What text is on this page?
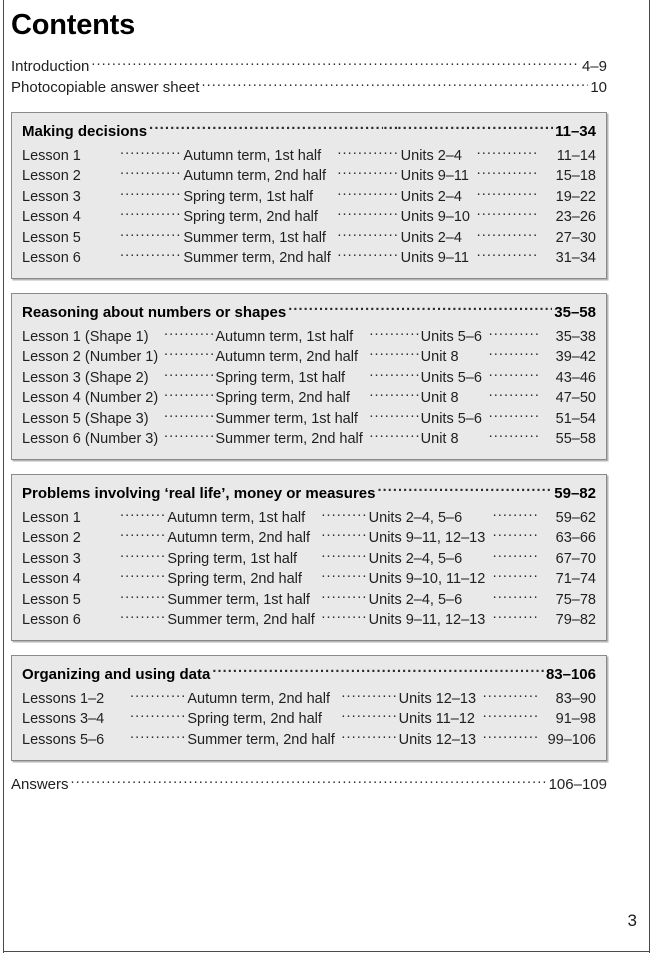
Contents
Introduction .....	4–9
Photocopiable answer sheet .....	10
Making decisions ..... ..... .....	11–34
Lesson 1 .....	Autumn term, 1st half .....	Units 2–4 .....	11–14
Lesson 2 .....	Autumn term, 2nd half .....	Units 9–11 .....	15–18
Lesson 3 .....	Spring term, 1st half .....	Units 2–4 .....	19–22
Lesson 4 .....	Spring term, 2nd half .....	Units 9–10 .....	23–26
Lesson 5 .....	Summer term, 1st half .....	Units 2–4 .....	27–30
Lesson 6 .....	Summer term, 2nd half .....	Units 9–11 .....	31–34
Reasoning about numbers or shapes .....	35–58
Lesson 1 (Shape 1) .....	Autumn term, 1st half .....	Units 5–6 .....	35–38
Lesson 2 (Number 1) .....	Autumn term, 2nd half .....	Unit 8 .....	39–42
Lesson 3 (Shape 2) .....	Spring term, 1st half .....	Units 5–6 .....	43–46
Lesson 4 (Number 2) .....	Spring term, 2nd half .....	Unit 8 .....	47–50
Lesson 5 (Shape 3) .....	Summer term, 1st half .....	Units 5–6 .....	51–54
Lesson 6 (Number 3) .....	Summer term, 2nd half .....	Unit 8 .....	55–58
Problems involving ‘real life’, money or measures .....	59–82
Lesson 1 .....	Autumn term, 1st half .....	Units 2–4, 5–6 .....	59–62
Lesson 2 .....	Autumn term, 2nd half .....	Units 9–11, 12–13 .....	63–66
Lesson 3 .....	Spring term, 1st half .....	Units 2–4, 5–6 .....	67–70
Lesson 4 .....	Spring term, 2nd half .....	Units 9–10, 11–12 .....	71–74
Lesson 5 .....	Summer term, 1st half .....	Units 2–4, 5–6 .....	75–78
Lesson 6 .....	Summer term, 2nd half .....	Units 9–11, 12–13 .....	79–82
Organizing and using data .....	83–106
Lessons 1–2 .....	Autumn term, 2nd half .....	Units 12–13 .....	83–90
Lessons 3–4 .....	Spring term, 2nd half .....	Units 11–12 .....	91–98
Lessons 5–6 .....	Summer term, 2nd half .....	Units 12–13 .....	99–106
Answers .....	106–109
3
